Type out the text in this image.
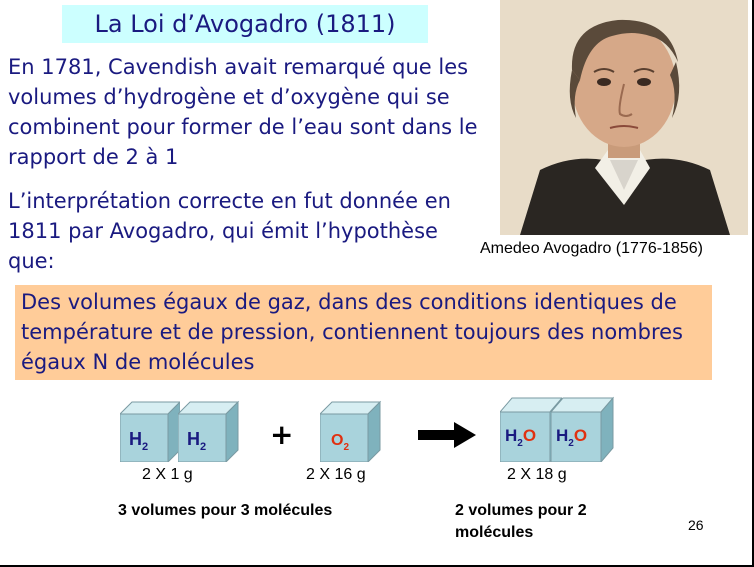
La Loi d’Avogadro (1811)
En 1781, Cavendish avait remarqué que les volumes d’hydrogène et d’oxygène qui se combinent pour former de l’eau sont dans le rapport de 2 à 1
L’interprétation correcte en fut donnée en 1811 par Avogadro, qui émit l’hypothèse que:
Amedeo Avogadro (1776-1856)
Des volumes égaux de gaz, dans des conditions identiques de température et de pression, contiennent toujours des nombres égaux N de molécules
$H_2$ $H_2 + O_2$
$H_2O$ $H_2O$
2 X 1 g	2 X 16 g	2 X 18 g
3 volumes pour 3 molécules	2 volumes pour 2
molécules	26
